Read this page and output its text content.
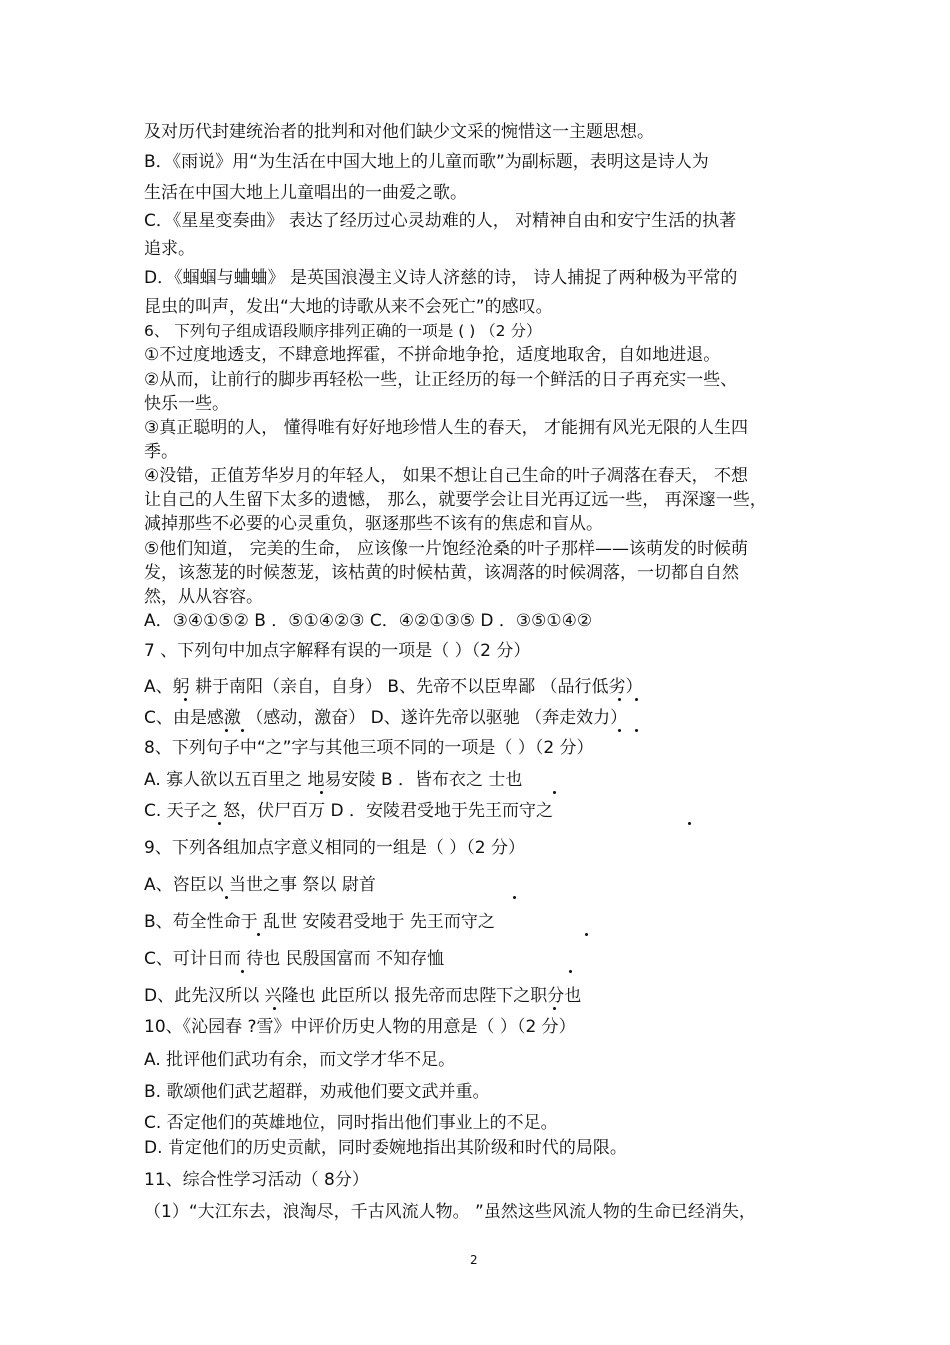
及对历代封建统治者的批判和对他们缺少文采的惋惜这一主题思想。
B．《雨说》用“为生活在中国大地上的儿童而歌”为副标题，表明这是诗人为
生活在中国大地上儿童唱出的一曲爱之歌。
C．《星星变奏曲》 表达了经历过心灵劫难的人， 对精神自由和安宁生活的执著
追求。
D．《蝈蝈与蛐蛐》 是英国浪漫主义诗人济慈的诗， 诗人捕捉了两种极为平常的
昆虫的叫声，发出“大地的诗歌从来不会死亡”的感叹。
6、 下列句子组成语段顺序排列正确的一项是 ( ) （2 分）
①不过度地透支，不肆意地挥霍，不拼命地争抢，适度地取舍，自如地进退。
②从而，让前行的脚步再轻松一些，让正经历的每一个鲜活的日子再充实一些、
快乐一些。
③真正聪明的人， 懂得唯有好好地珍惜人生的春天， 才能拥有风光无限的人生四
季。
④没错，正值芳华岁月的年轻人， 如果不想让自己生命的叶子凋落在春天， 不想
让自己的人生留下太多的遗憾， 那么，就要学会让目光再辽远一些， 再深邃一些，
减掉那些不必要的心灵重负，驱逐那些不该有的焦虑和盲从。
⑤他们知道， 完美的生命， 应该像一片饱经沧桑的叶子那样——该萌发的时候萌
发，该葱茏的时候葱茏，该枯黄的时候枯黄，该凋落的时候凋落，一切都自自然
然，从从容容。
A．③④①⑤② B ．⑤①④②③ C．④②①③⑤ D ．③⑤①④②
7 、下列句中加点字解释有误的一项是（ ）（2 分）
A、躬 耕于南阳（亲自，自身） B、先帝不以臣卑鄙 （品行低劣）
C、由是感激 （感动，激奋） D、遂许先帝以驱驰 （奔走效力）
8、下列句子中“之”字与其他三项不同的一项是（ ）（2 分）
A. 寡人欲以五百里之 地易安陵 B ．皆布衣之 士也
C. 天子之 怒，伏尸百万 D ．安陵君受地于先王而守之
9、下列各组加点字意义相同的一组是（ ）（2 分）
A、咨臣以 当世之事 祭以 尉首
B、苟全性命于 乱世 安陵君受地于 先王而守之
C、可计日而 待也 民殷国富而 不知存恤
D、此先汉所以 兴隆也 此臣所以 报先帝而忠陛下之职分也
10、《沁园春 ?雪》中评价历史人物的用意是（ ）（2 分）
A. 批评他们武功有余，而文学才华不足。
B. 歌颂他们武艺超群，劝戒他们要文武并重。
C. 否定他们的英雄地位，同时指出他们事业上的不足。
D. 肯定他们的历史贡献，同时委婉地指出其阶级和时代的局限。
11、综合性学习活动（ 8分）
（1）“大江东去，浪淘尽，千古风流人物。 ”虽然这些风流人物的生命已经消失，
2
